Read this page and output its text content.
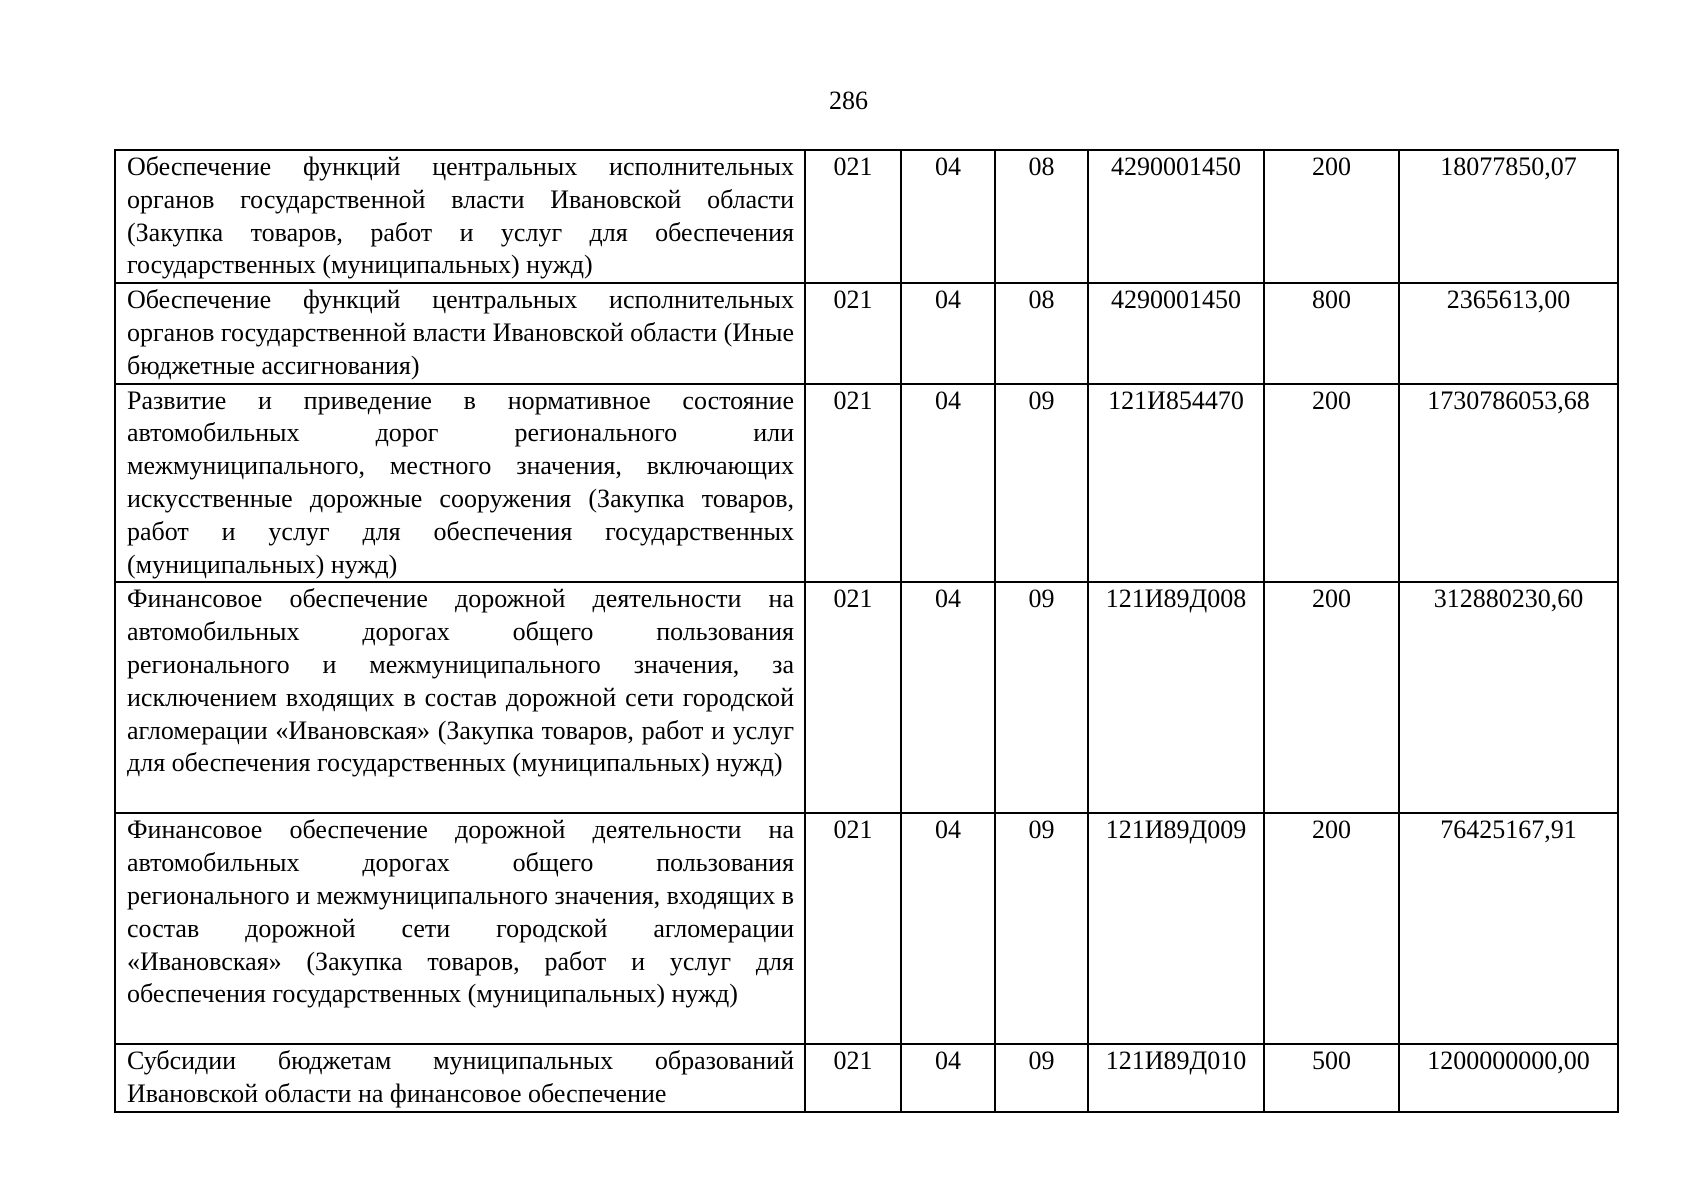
286
Обеспечение функций центральных исполнительных органов государственной власти Ивановской области (Закупка товаров, работ и услуг для обеспечения государственных (муниципальных) нужд)	021	04	08	4290001450	200	18077850,07
Обеспечение функций центральных исполнительных органов государственной власти Ивановской области (Иные бюджетные ассигнования)	021	04	08	4290001450	800	2365613,00
Развитие и приведение в нормативное состояние автомобильных дорог регионального или межмуниципального, местного значения, включающих искусственные дорожные сооружения (Закупка товаров, работ и услуг для обеспечения государственных (муниципальных) нужд)	021	04	09	121И854470	200	1730786053,68
Финансовое обеспечение дорожной деятельности на автомобильных дорогах общего пользования регионального и межмуниципального значения, за исключением входящих в состав дорожной сети городской агломерации «Ивановская» (Закупка товаров, работ и услуг для обеспечения государственных (муниципальных) нужд)	021	04	09	121И89Д008	200	312880230,60
Финансовое обеспечение дорожной деятельности на автомобильных дорогах общего пользования регионального и межмуниципального значения, входящих в состав дорожной сети городской агломерации «Ивановская» (Закупка товаров, работ и услуг для обеспечения государственных (муниципальных) нужд)	021	04	09	121И89Д009	200	76425167,91
Субсидии бюджетам муниципальных образований Ивановской области на финансовое обеспечение	021	04	09	121И89Д010	500	1200000000,00
